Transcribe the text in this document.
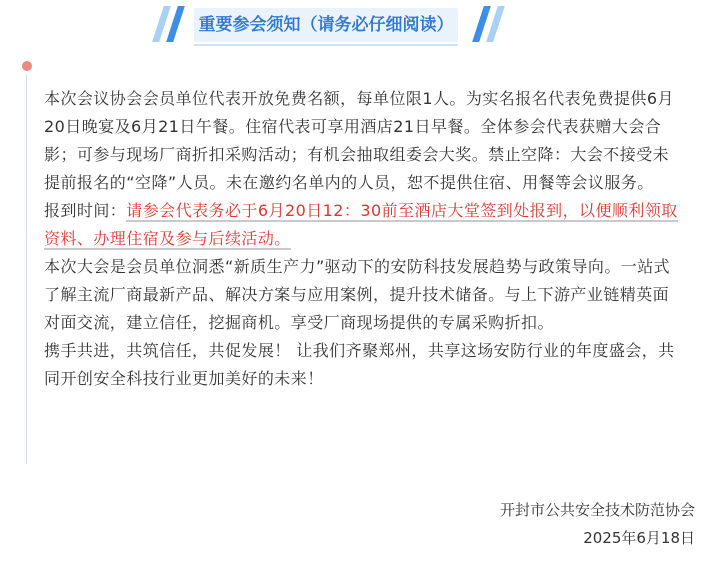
重要参会须知（请务必仔细阅读）

本次会议协会会员单位代表开放免费名额，每单位限1人。为实名报名代表免费提供6月20日晚宴及6月21日午餐。住宿代表可享用酒店21日早餐。全体参会代表获赠大会合影；可参与现场厂商折扣采购活动；有机会抽取组委会大奖。禁止空降：大会不接受未提前报名的“空降”人员。未在邀约名单内的人员，恕不提供住宿、用餐等会议服务。

报到时间：请参会代表务必于6月20日12：30前至酒店大堂签到处报到，以便顺利领取资料、办理住宿及参与后续活动。

本次大会是会员单位洞悉“新质生产力”驱动下的安防科技发展趋势与政策导向。一站式了解主流厂商最新产品、解决方案与应用案例，提升技术储备。与上下游产业链精英面对面交流，建立信任，挖掘商机。享受厂商现场提供的专属采购折扣。

携手共进，共筑信任，共促发展！ 让我们齐聚郑州，共享这场安防行业的年度盛会，共同开创安全科技行业更加美好的未来！

开封市公共安全技术防范协会
2025年6月18日
